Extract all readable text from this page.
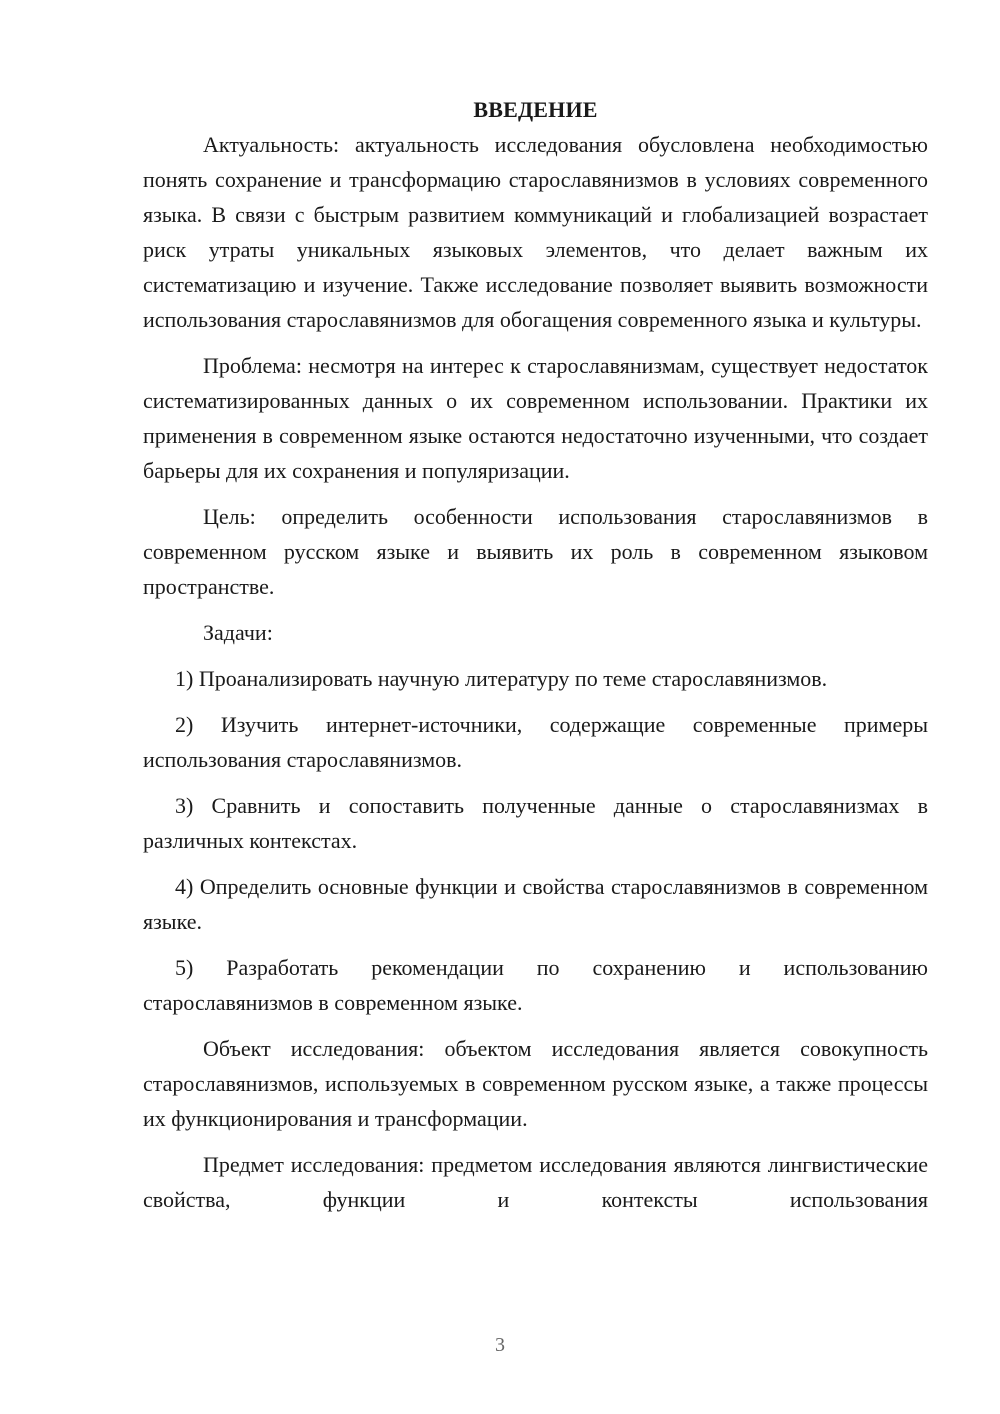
ВВЕДЕНИЕ

Актуальность: актуальность исследования обусловлена необходимостью понять сохранение и трансформацию старославянизмов в условиях современного языка. В связи с быстрым развитием коммуникаций и глобализацией возрастает риск утраты уникальных языковых элементов, что делает важным их систематизацию и изучение. Также исследование позволяет выявить возможности использования старославянизмов для обогащения современного языка и культуры.

Проблема: несмотря на интерес к старославянизмам, существует недостаток систематизированных данных о их современном использовании. Практики их применения в современном языке остаются недостаточно изученными, что создает барьеры для их сохранения и популяризации.

Цель: определить особенности использования старославянизмов в современном русском языке и выявить их роль в современном языковом пространстве.

Задачи:

1) Проанализировать научную литературу по теме старославянизмов.

2) Изучить интернет-источники, содержащие современные примеры использования старославянизмов.

3) Сравнить и сопоставить полученные данные о старославянизмах в различных контекстах.

4) Определить основные функции и свойства старославянизмов в современном языке.

5) Разработать рекомендации по сохранению и использованию старославянизмов в современном языке.

Объект исследования: объектом исследования является совокупность старославянизмов, используемых в современном русском языке, а также процессы их функционирования и трансформации.

Предмет исследования: предметом исследования являются лингвистические свойства, функции и контексты использования

3
